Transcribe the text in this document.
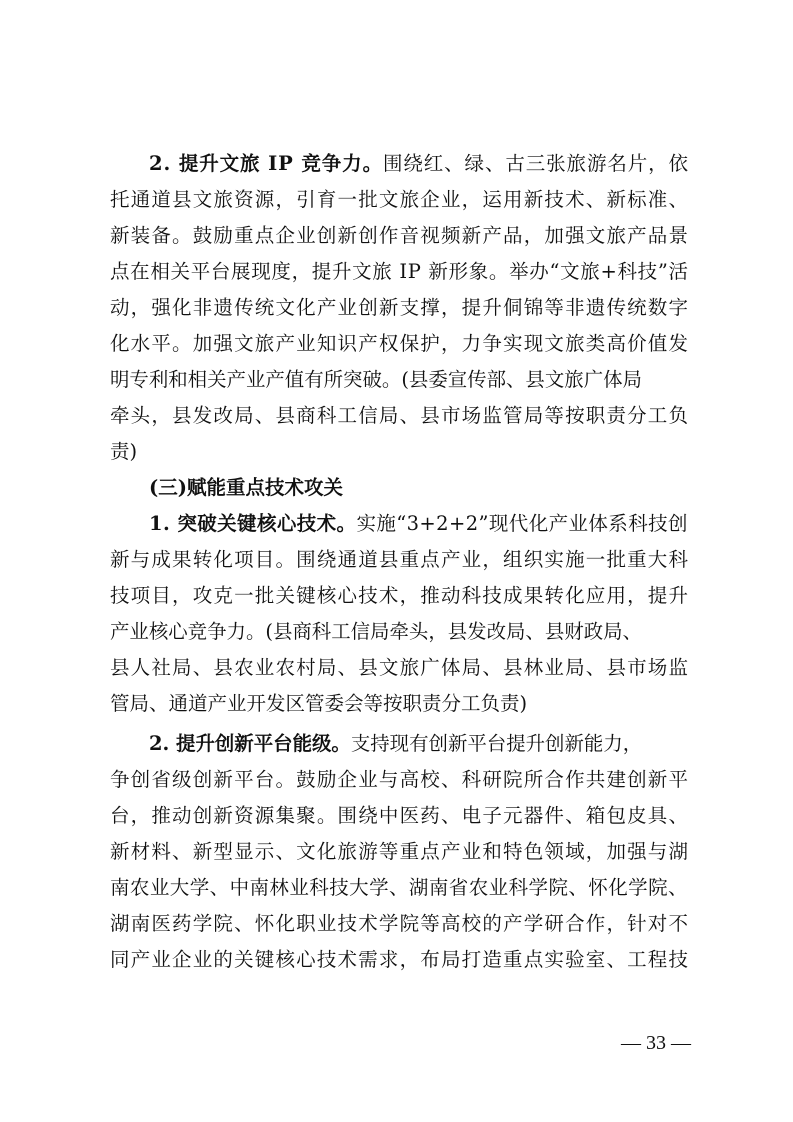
2. 提升文旅 IP 竞争力。围绕红、绿、古三张旅游名片，依
托通道县文旅资源，引育一批文旅企业，运用新技术、新标准、
新装备。鼓励重点企业创新创作音视频新产品，加强文旅产品景
点在相关平台展现度，提升文旅 IP 新形象。举办“文旅+科技”活
动，强化非遗传统文化产业创新支撑，提升侗锦等非遗传统数字
化水平。加强文旅产业知识产权保护，力争实现文旅类高价值发
明专利和相关产业产值有所突破。(县委宣传部、县文旅广体局
牵头，县发改局、县商科工信局、县市场监管局等按职责分工负
责)
(三)赋能重点技术攻关
1. 突破关键核心技术。实施“3+2+2”现代化产业体系科技创
新与成果转化项目。围绕通道县重点产业，组织实施一批重大科
技项目，攻克一批关键核心技术，推动科技成果转化应用，提升
产业核心竞争力。(县商科工信局牵头，县发改局、县财政局、
县人社局、县农业农村局、县文旅广体局、县林业局、县市场监
管局、通道产业开发区管委会等按职责分工负责)
2. 提升创新平台能级。支持现有创新平台提升创新能力，
争创省级创新平台。鼓励企业与高校、科研院所合作共建创新平
台，推动创新资源集聚。围绕中医药、电子元器件、箱包皮具、
新材料、新型显示、文化旅游等重点产业和特色领域，加强与湖
南农业大学、中南林业科技大学、湖南省农业科学院、怀化学院、
湖南医药学院、怀化职业技术学院等高校的产学研合作，针对不
同产业企业的关键核心技术需求，布局打造重点实验室、工程技
— 33 —
